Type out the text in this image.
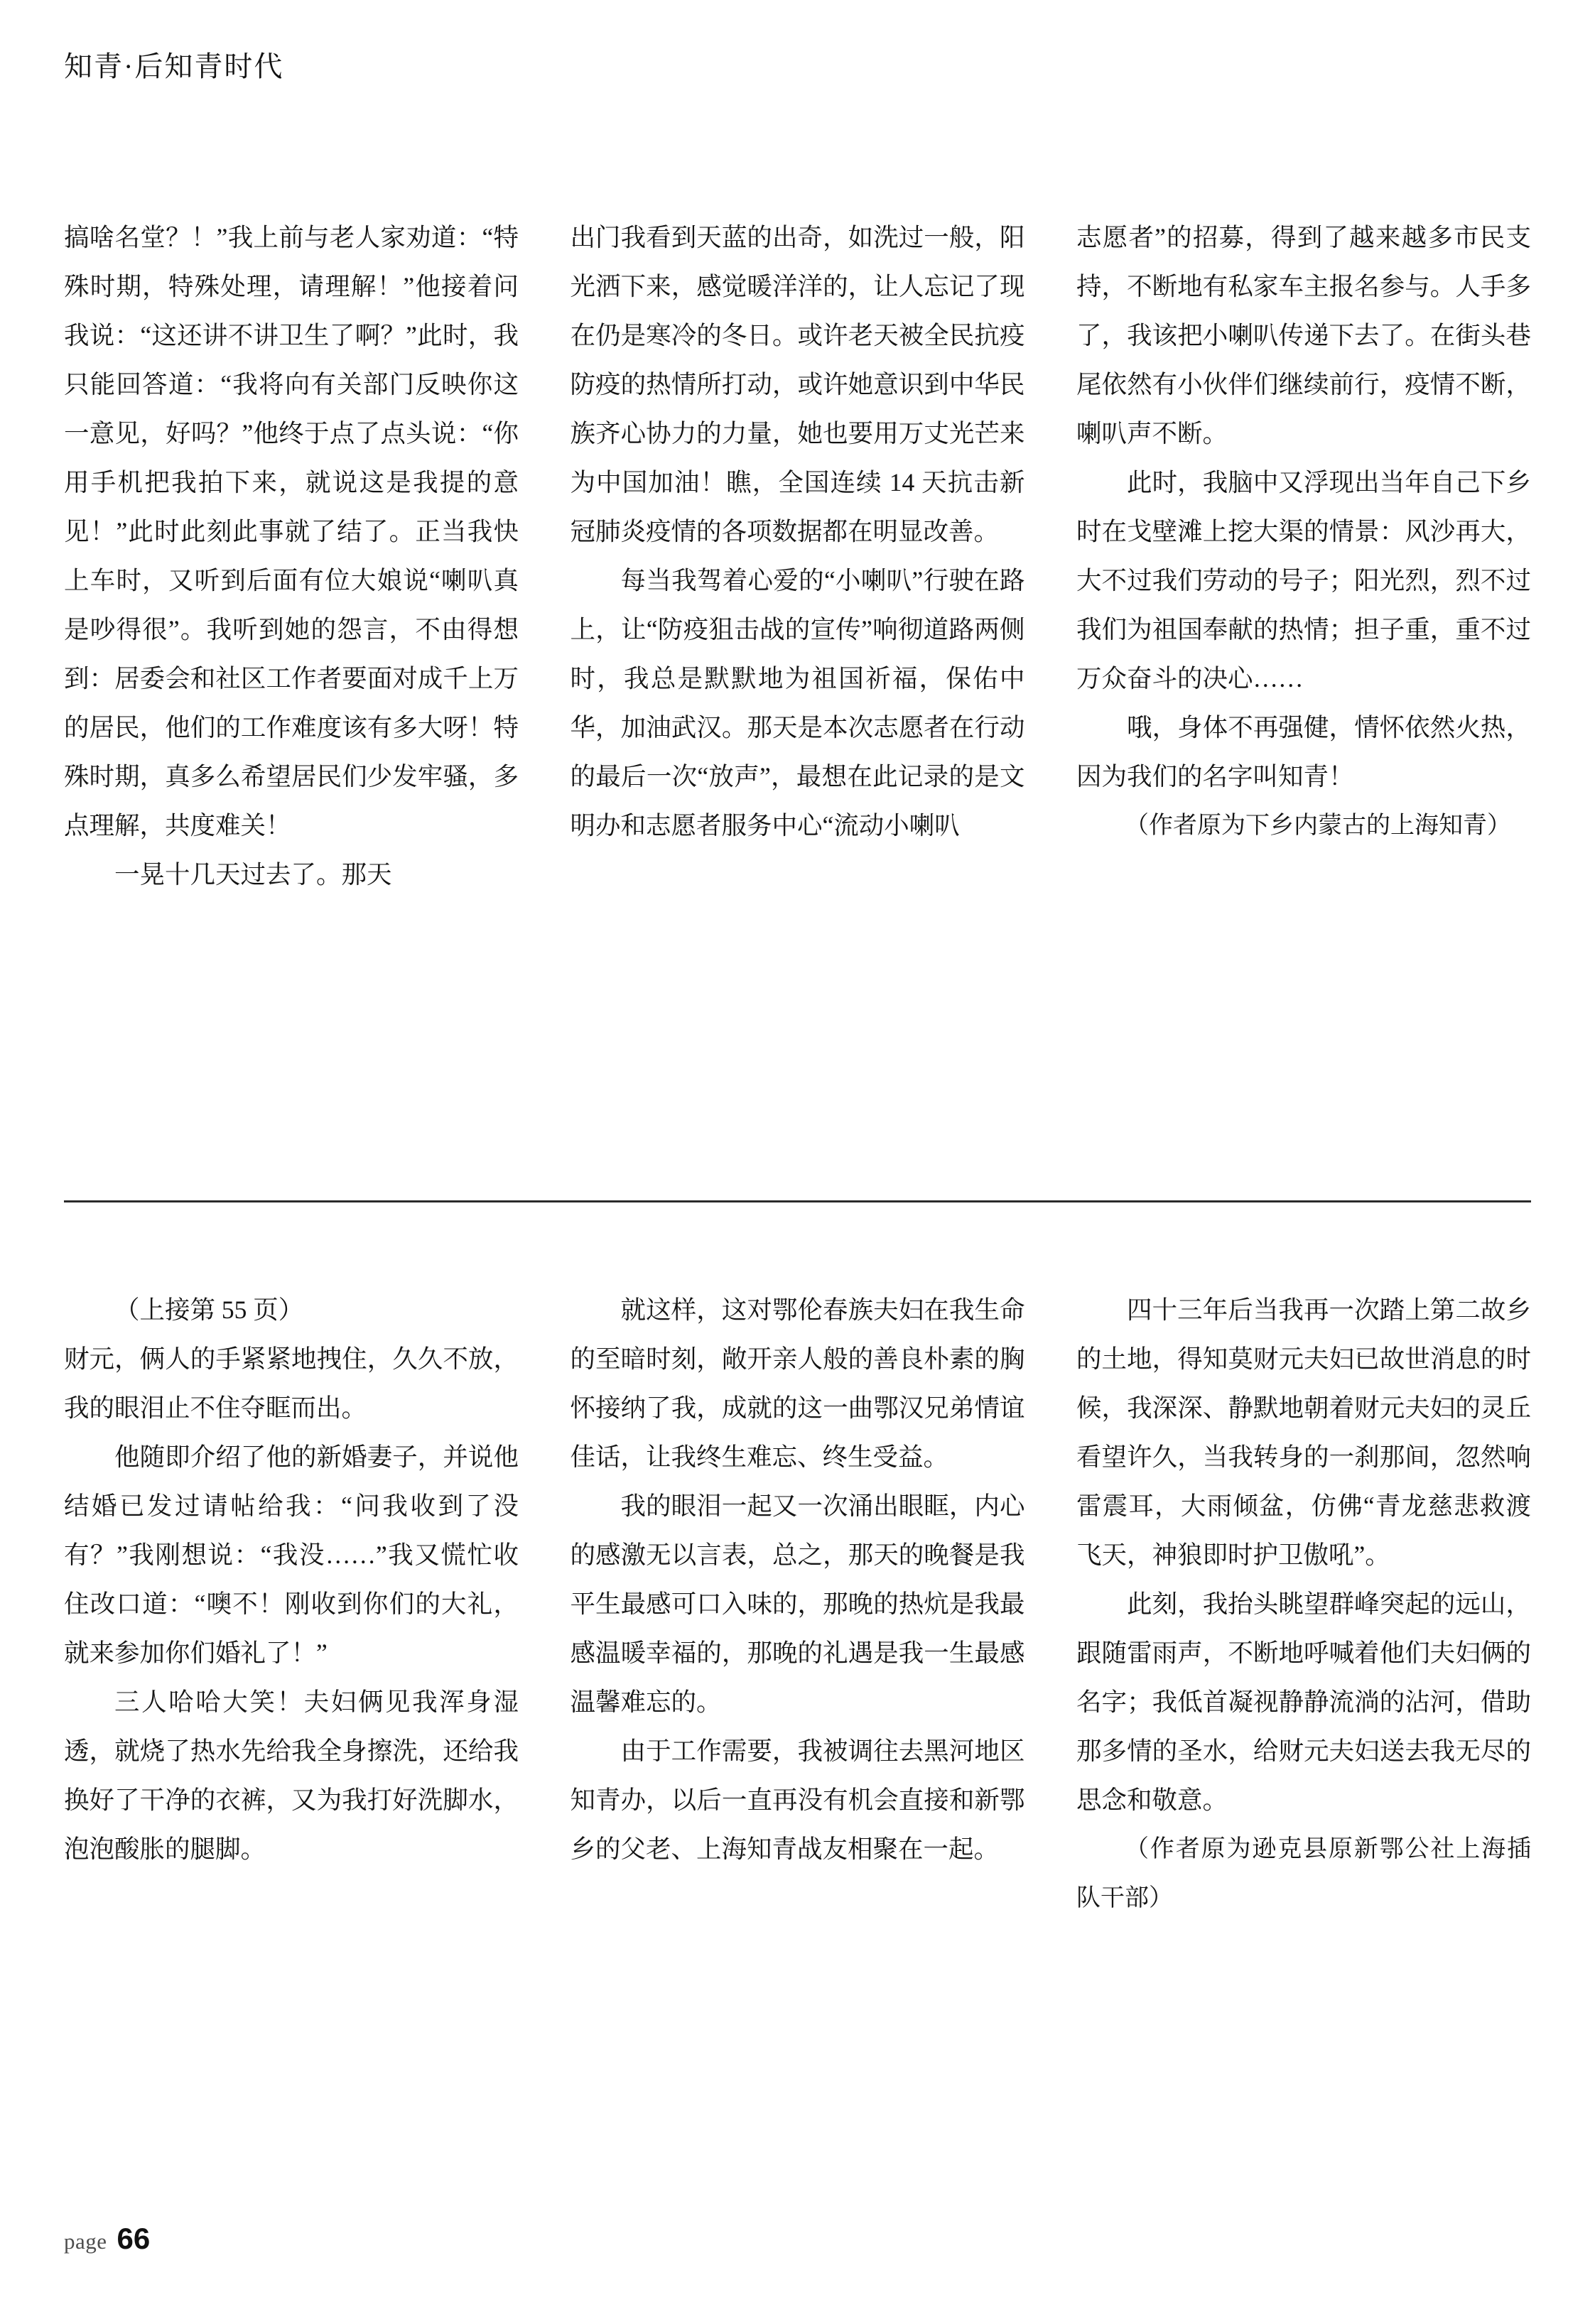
知青·后知青时代

搞啥名堂？！”我上前与老人家劝道：“特殊时期，特殊处理，请理解！”他接着问我说：“这还讲不讲卫生了啊？”此时，我只能回答道：“我将向有关部门反映你这一意见，好吗？”他终于点了点头说：“你用手机把我拍下来，就说这是我提的意见！”此时此刻此事就了结了。正当我快上车时，又听到后面有位大娘说“喇叭真是吵得很”。我听到她的怨言，不由得想到：居委会和社区工作者要面对成千上万的居民，他们的工作难度该有多大呀！特殊时期，真多么希望居民们少发牢骚，多点理解，共度难关！

一晃十几天过去了。那天

出门我看到天蓝的出奇，如洗过一般，阳光洒下来，感觉暖洋洋的，让人忘记了现在仍是寒冷的冬日。或许老天被全民抗疫防疫的热情所打动，或许她意识到中华民族齐心协力的力量，她也要用万丈光芒来为中国加油！瞧，全国连续 14 天抗击新冠肺炎疫情的各项数据都在明显改善。

每当我驾着心爱的“小喇叭”行驶在路上，让“防疫狙击战的宣传”响彻道路两侧时，我总是默默地为祖国祈福，保佑中华，加油武汉。那天是本次志愿者在行动的最后一次“放声”，最想在此记录的是文明办和志愿者服务中心“流动小喇叭

志愿者”的招募，得到了越来越多市民支持，不断地有私家车主报名参与。人手多了，我该把小喇叭传递下去了。在街头巷尾依然有小伙伴们继续前行，疫情不断，喇叭声不断。

此时，我脑中又浮现出当年自己下乡时在戈壁滩上挖大渠的情景：风沙再大，大不过我们劳动的号子；阳光烈，烈不过我们为祖国奉献的热情；担子重，重不过万众奋斗的决心……

哦，身体不再强健，情怀依然火热，因为我们的名字叫知青！

（作者原为下乡内蒙古的上海知青）

（上接第 55 页）

财元，俩人的手紧紧地拽住，久久不放，我的眼泪止不住夺眶而出。

他随即介绍了他的新婚妻子，并说他结婚已发过请帖给我：“问我收到了没有？”我刚想说：“我没……”我又慌忙收住改口道：“噢不！刚收到你们的大礼，就来参加你们婚礼了！”

三人哈哈大笑！夫妇俩见我浑身湿透，就烧了热水先给我全身擦洗，还给我换好了干净的衣裤，又为我打好洗脚水，泡泡酸胀的腿脚。

就这样，这对鄂伦春族夫妇在我生命的至暗时刻，敞开亲人般的善良朴素的胸怀接纳了我，成就的这一曲鄂汉兄弟情谊佳话，让我终生难忘、终生受益。

我的眼泪一起又一次涌出眼眶，内心的感激无以言表，总之，那天的晚餐是我平生最感可口入味的，那晚的热炕是我最感温暖幸福的，那晚的礼遇是我一生最感温馨难忘的。

由于工作需要，我被调往去黑河地区知青办，以后一直再没有机会直接和新鄂乡的父老、上海知青战友相聚在一起。

四十三年后当我再一次踏上第二故乡的土地，得知莫财元夫妇已故世消息的时候，我深深、静默地朝着财元夫妇的灵丘看望许久，当我转身的一刹那间，忽然响雷震耳，大雨倾盆，仿佛“青龙慈悲救渡飞天，神狼即时护卫傲吼”。

此刻，我抬头眺望群峰突起的远山，跟随雷雨声，不断地呼喊着他们夫妇俩的名字；我低首凝视静静流淌的沾河，借助那多情的圣水，给财元夫妇送去我无尽的思念和敬意。

（作者原为逊克县原新鄂公社上海插队干部）

page 66
